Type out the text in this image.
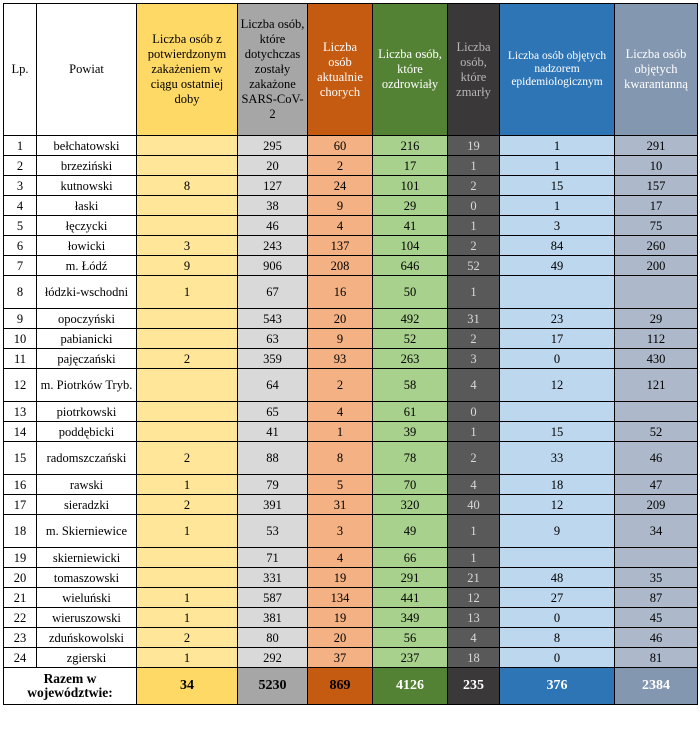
Lp.	Powiat	Liczba osób z potwierdzonym zakażeniem w ciągu ostatniej doby	Liczba osób, które dotychczas zostały zakażone SARS-CoV-2	Liczba osób aktualnie chorych	Liczba osób, które ozdrowiały	Liczba osób, które zmarły	Liczba osób objętych nadzorem epidemiologicznym	Liczba osób objętych kwarantanną
1	bełchatowski		295	60	216	19	1	291
2	brzeziński		20	2	17	1	1	10
3	kutnowski	8	127	24	101	2	15	157
4	łaski		38	9	29	0	1	17
5	łęczycki		46	4	41	1	3	75
6	łowicki	3	243	137	104	2	84	260
7	m. Łódź	9	906	208	646	52	49	200
8	łódzki-wschodni	1	67	16	50	1		
9	opoczyński		543	20	492	31	23	29
10	pabianicki		63	9	52	2	17	112
11	pajęczański	2	359	93	263	3	0	430
12	m. Piotrków Tryb.		64	2	58	4	12	121
13	piotrkowski		65	4	61	0		
14	poddębicki		41	1	39	1	15	52
15	radomszczański	2	88	8	78	2	33	46
16	rawski	1	79	5	70	4	18	47
17	sieradzki	2	391	31	320	40	12	209
18	m. Skierniewice	1	53	3	49	1	9	34
19	skierniewicki		71	4	66	1		
20	tomaszowski		331	19	291	21	48	35
21	wieluński	1	587	134	441	12	27	87
22	wieruszowski	1	381	19	349	13	0	45
23	zduńskowolski	2	80	20	56	4	8	46
24	zgierski	1	292	37	237	18	0	81
Razem w województwie:		34	5230	869	4126	235	376	2384
